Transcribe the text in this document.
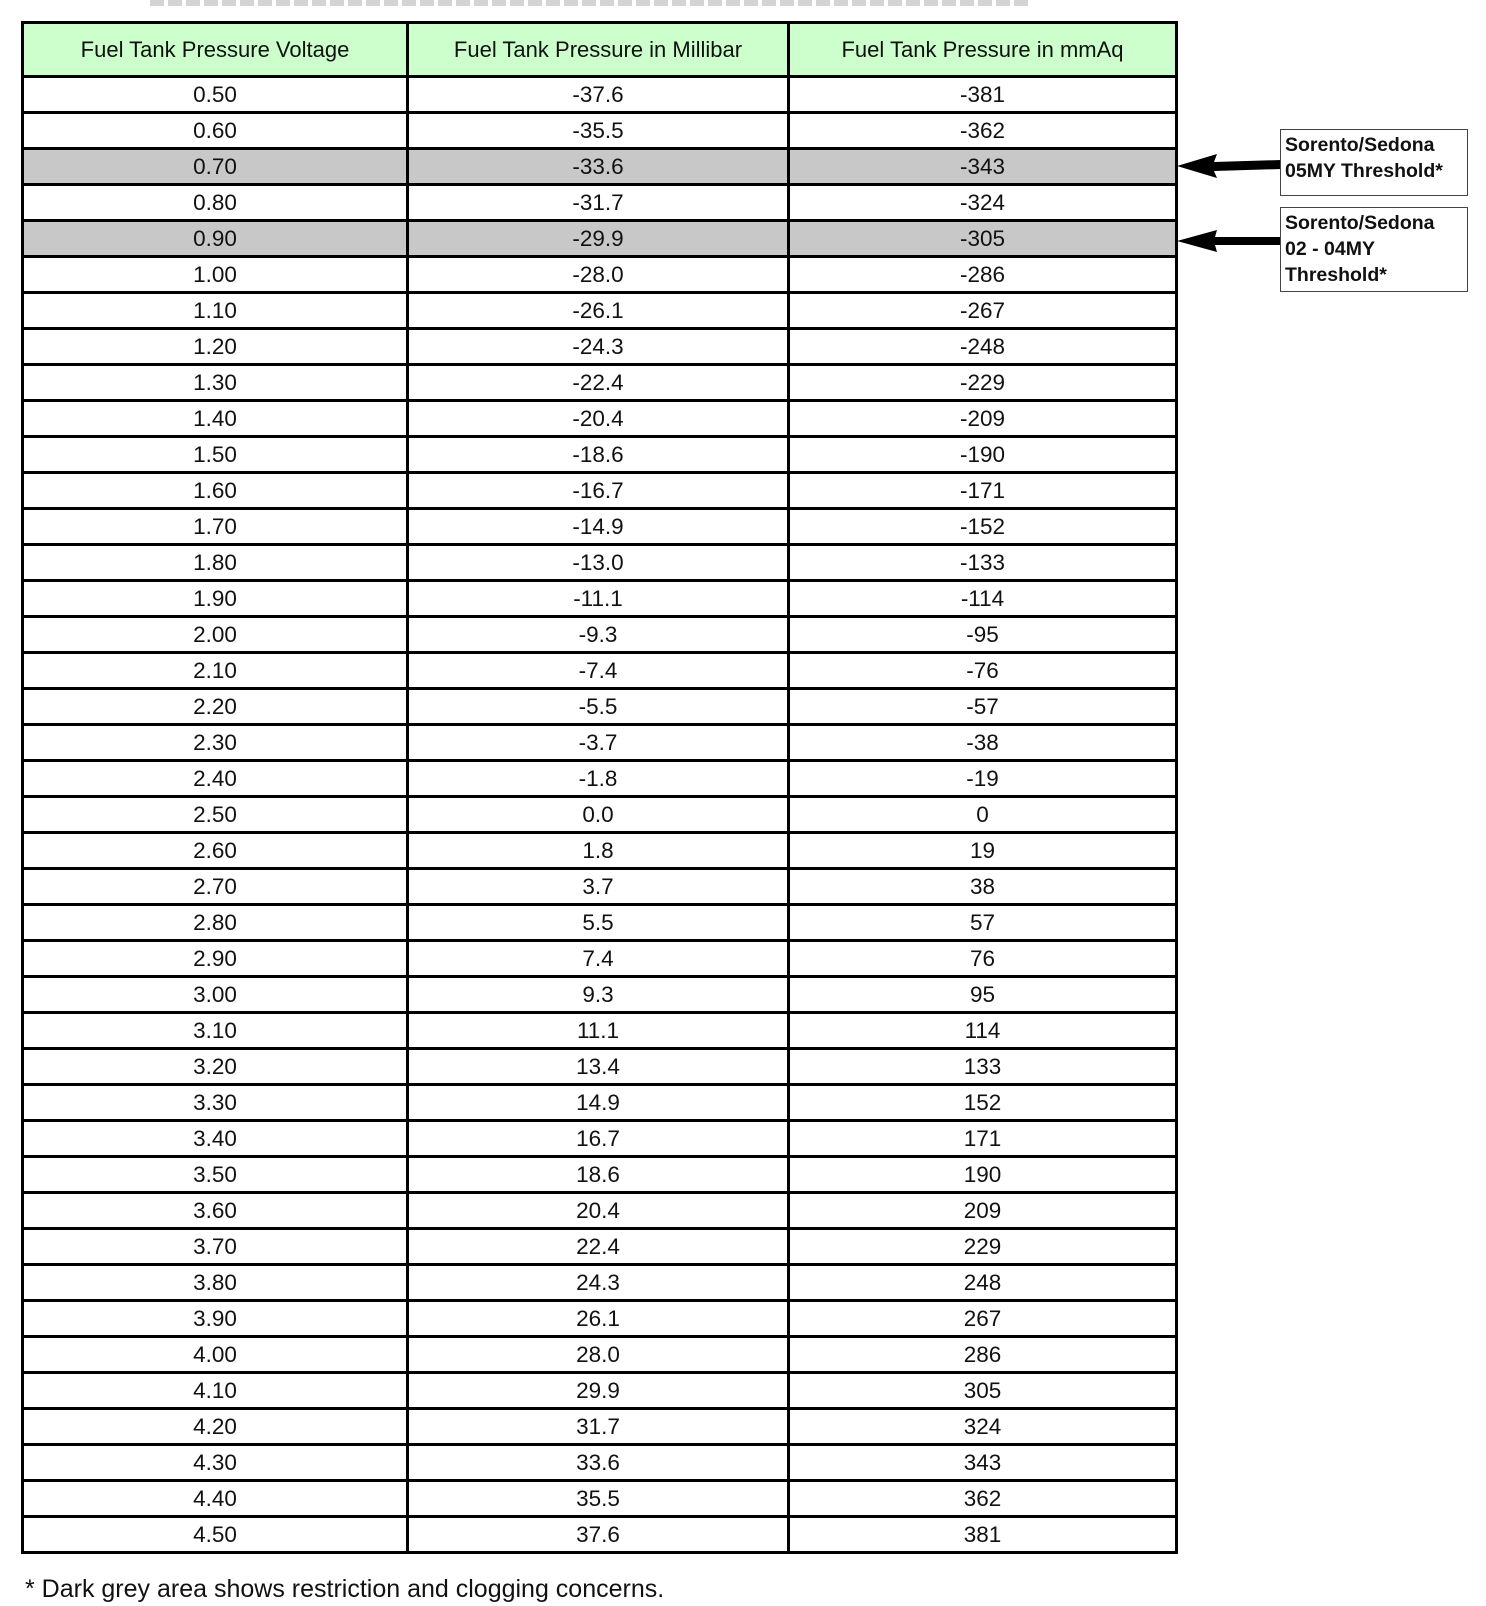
Fuel Tank Pressure Voltage	Fuel Tank Pressure in Millibar	Fuel Tank Pressure in mmAq
0.50	-37.6	-381
0.60	-35.5	-362
0.70	-33.6	-343
0.80	-31.7	-324
0.90	-29.9	-305
1.00	-28.0	-286
1.10	-26.1	-267
1.20	-24.3	-248
1.30	-22.4	-229
1.40	-20.4	-209
1.50	-18.6	-190
1.60	-16.7	-171
1.70	-14.9	-152
1.80	-13.0	-133
1.90	-11.1	-114
2.00	-9.3	-95
2.10	-7.4	-76
2.20	-5.5	-57
2.30	-3.7	-38
2.40	-1.8	-19
2.50	0.0	0
2.60	1.8	19
2.70	3.7	38
2.80	5.5	57
2.90	7.4	76
3.00	9.3	95
3.10	11.1	114
3.20	13.4	133
3.30	14.9	152
3.40	16.7	171
3.50	18.6	190
3.60	20.4	209
3.70	22.4	229
3.80	24.3	248
3.90	26.1	267
4.00	28.0	286
4.10	29.9	305
4.20	31.7	324
4.30	33.6	343
4.40	35.5	362
4.50	37.6	381
Sorento/Sedona
05MY Threshold*
Sorento/Sedona
02 - 04MY
Threshold*
* Dark grey area shows restriction and clogging concerns.
